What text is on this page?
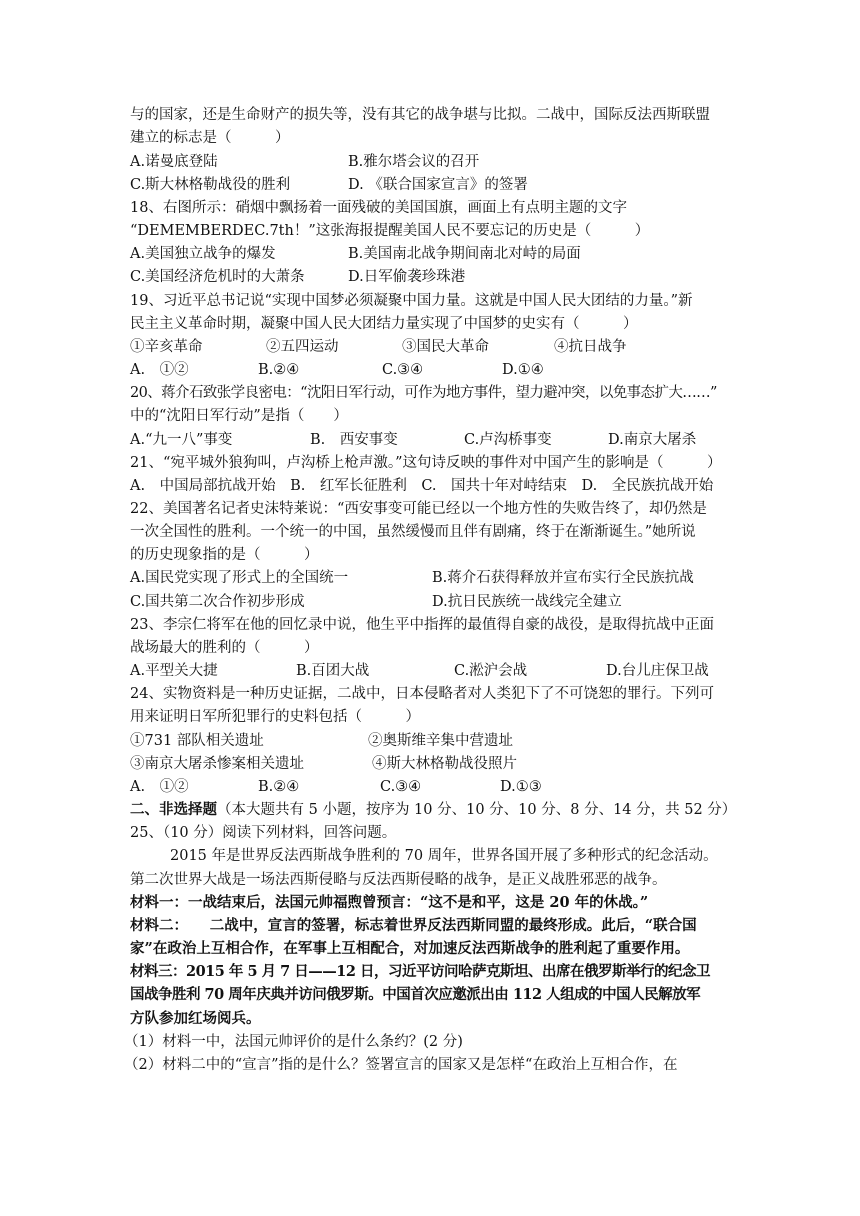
与的国家，还是生命财产的损失等，没有其它的战争堪与比拟。二战中，国际反法西斯联盟
建立的标志是（　　　）
A.诺曼底登陆	B.雅尔塔会议的召开
C.斯大林格勒战役的胜利	D. 《联合国家宣言》的签署
18、右图所示：硝烟中飘扬着一面残破的美国国旗，画面上有点明主题的文字
“DEMEMBERDEC.7th！”这张海报提醒美国人民不要忘记的历史是（　　　）
A.美国独立战争的爆发	B.美国南北战争期间南北对峙的局面
C.美国经济危机时的大萧条	D.日军偷袭珍珠港
19、习近平总书记说“实现中国梦必须凝聚中国力量。这就是中国人民大团结的力量。”新
民主主义革命时期，凝聚中国人民大团结力量实现了中国梦的史实有（　　　）
①辛亥革命	②五四运动	③国民大革命	④抗日战争
A.　①②	B.②④	C.③④	D.①④
20、蒋介石致张学良密电：“沈阳日军行动，可作为地方事件，望力避冲突，以免事态扩大……”
中的“沈阳日军行动”是指（　　）
A.“九一八”事变	B.　西安事变	C.卢沟桥事变	D.南京大屠杀
21、“宛平城外狼狗叫，卢沟桥上枪声激。”这句诗反映的事件对中国产生的影响是（　　　）
A.　中国局部抗战开始　B.　红军长征胜利　C.　国共十年对峙结束　D.　全民族抗战开始
22、美国著名记者史沫特莱说：“西安事变可能已经以一个地方性的失败告终了，却仍然是
一次全国性的胜利。一个统一的中国，虽然缓慢而且伴有剧痛，终于在渐渐诞生。”她所说
的历史现象指的是（　　　）
A.国民党实现了形式上的全国统一	B.蒋介石获得释放并宣布实行全民族抗战
C.国共第二次合作初步形成	D.抗日民族统一战线完全建立
23、李宗仁将军在他的回忆录中说，他生平中指挥的最值得自豪的战役，是取得抗战中正面
战场最大的胜利的（　　　）
A.平型关大捷	B.百团大战	C.淞沪会战	D.台儿庄保卫战
24、实物资料是一种历史证据，二战中，日本侵略者对人类犯下了不可饶恕的罪行。下列可
用来证明日军所犯罪行的史料包括（　　　）
①731 部队相关遗址	②奥斯维辛集中营遗址
③南京大屠杀惨案相关遗址	④斯大林格勒战役照片
A.　①②	B.②④	C.③④	D.①③
二、非选择题（本大题共有 5 小题，按序为 10 分、10 分、10 分、8 分、14 分，共 52 分）
25、（10 分）阅读下列材料，回答问题。
2015 年是世界反法西斯战争胜利的 70 周年，世界各国开展了多种形式的纪念活动。
第二次世界大战是一场法西斯侵略与反法西斯侵略的战争，是正义战胜邪恶的战争。
材料一：一战结束后，法国元帅福煦曾预言：“这不是和平，这是 20 年的休战。”
材料二：　　二战中，宣言的签署，标志着世界反法西斯同盟的最终形成。此后，“联合国
家”在政治上互相合作，在军事上互相配合，对加速反法西斯战争的胜利起了重要作用。
材料三：2015 年 5 月 7 日——12 日，习近平访问哈萨克斯坦、出席在俄罗斯举行的纪念卫
国战争胜利 70 周年庆典并访问俄罗斯。中国首次应邀派出由 112 人组成的中国人民解放军
方队参加红场阅兵。
（1）材料一中，法国元帅评价的是什么条约？(2 分)
（2）材料二中的“宣言”指的是什么？签署宣言的国家又是怎样“在政治上互相合作，在
